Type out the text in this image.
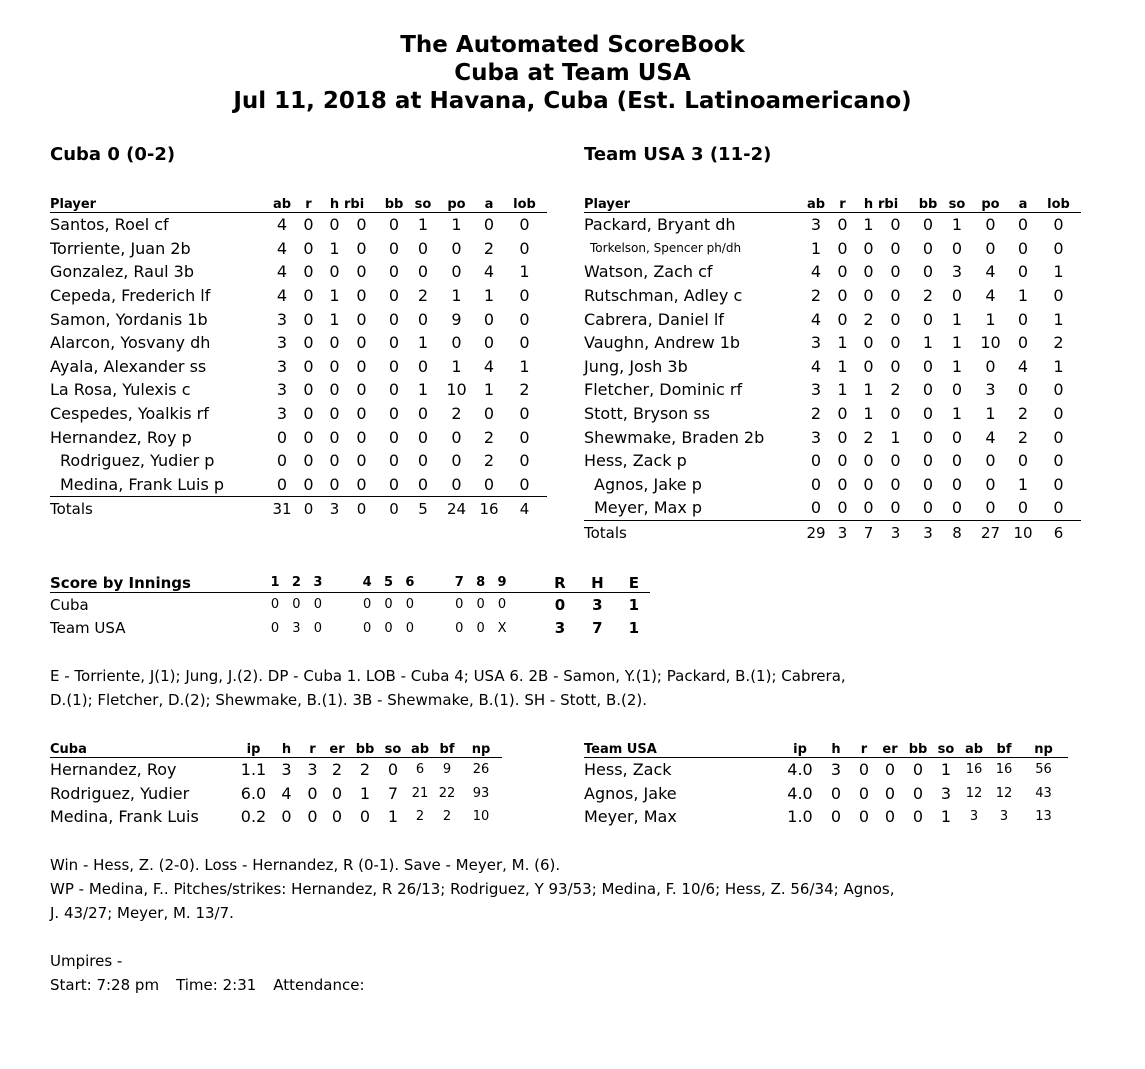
The Automated ScoreBook
Cuba at Team USA
Jul 11, 2018 at Havana, Cuba (Est. Latinoamericano)
Cuba 0 (0-2)	Team USA 3 (11-2)
Player	ab	r	h	rbi	bb	so	po	a	lob
Santos, Roel cf	4	0	0	0	0	1	1	0	0
Torriente, Juan 2b	4	0	1	0	0	0	0	2	0
Gonzalez, Raul 3b	4	0	0	0	0	0	0	4	1
Cepeda, Frederich lf	4	0	1	0	0	2	1	1	0
Samon, Yordanis 1b	3	0	1	0	0	0	9	0	0
Alarcon, Yosvany dh	3	0	0	0	0	1	0	0	0
Ayala, Alexander ss	3	0	0	0	0	0	1	4	1
La Rosa, Yulexis c	3	0	0	0	0	1	10	1	2
Cespedes, Yoalkis rf	3	0	0	0	0	0	2	0	0
Hernandez, Roy p	0	0	0	0	0	0	0	2	0
Rodriguez, Yudier p	0	0	0	0	0	0	0	2	0
Medina, Frank Luis p	0	0	0	0	0	0	0	0	0
Totals	31	0	3	0	0	5	24	16	4
Player	ab	r	h	rbi	bb	so	po	a	lob
Packard, Bryant dh	3	0	1	0	0	1	0	0	0
Torkelson, Spencer ph/dh	1	0	0	0	0	0	0	0	0
Watson, Zach cf	4	0	0	0	0	3	4	0	1
Rutschman, Adley c	2	0	0	0	2	0	4	1	0
Cabrera, Daniel lf	4	0	2	0	0	1	1	0	1
Vaughn, Andrew 1b	3	1	0	0	1	1	10	0	2
Jung, Josh 3b	4	1	0	0	0	1	0	4	1
Fletcher, Dominic rf	3	1	1	2	0	0	3	0	0
Stott, Bryson ss	2	0	1	0	0	1	1	2	0
Shewmake, Braden 2b	3	0	2	1	0	0	4	2	0
Hess, Zack p	0	0	0	0	0	0	0	0	0
Agnos, Jake p	0	0	0	0	0	0	0	1	0
Meyer, Max p	0	0	0	0	0	0	0	0	0
Totals	29	3	7	3	3	8	27	10	6
Score by Innings	1	2	3		4	5	6		7	8	9		R	H	E
Cuba	0	0	0		0	0	0		0	0	0		0	3	1
Team USA	0	3	0		0	0	0		0	0	X		3	7	1
E - Torriente, J(1); Jung, J.(2). DP - Cuba 1. LOB - Cuba 4; USA 6. 2B - Samon, Y.(1); Packard, B.(1); Cabrera,
D.(1); Fletcher, D.(2); Shewmake, B.(1). 3B - Shewmake, B.(1). SH - Stott, B.(2).
Cuba	ip	h	r	er	bb	so	ab	bf	np
Hernandez, Roy	1.1	3	3	2	2	0	6	9	26
Rodriguez, Yudier	6.0	4	0	0	1	7	21	22	93
Medina, Frank Luis	0.2	0	0	0	0	1	2	2	10
Team USA	ip	h	r	er	bb	so	ab	bf	np
Hess, Zack	4.0	3	0	0	0	1	16	16	56
Agnos, Jake	4.0	0	0	0	0	3	12	12	43
Meyer, Max	1.0	0	0	0	0	1	3	3	13
Win - Hess, Z. (2-0). Loss - Hernandez, R (0-1). Save - Meyer, M. (6).
WP - Medina, F.. Pitches/strikes: Hernandez, R 26/13; Rodriguez, Y 93/53; Medina, F. 10/6; Hess, Z. 56/34; Agnos,
J. 43/27; Meyer, M. 13/7.
Umpires -
Start: 7:28 pm Time: 2:31 Attendance:
